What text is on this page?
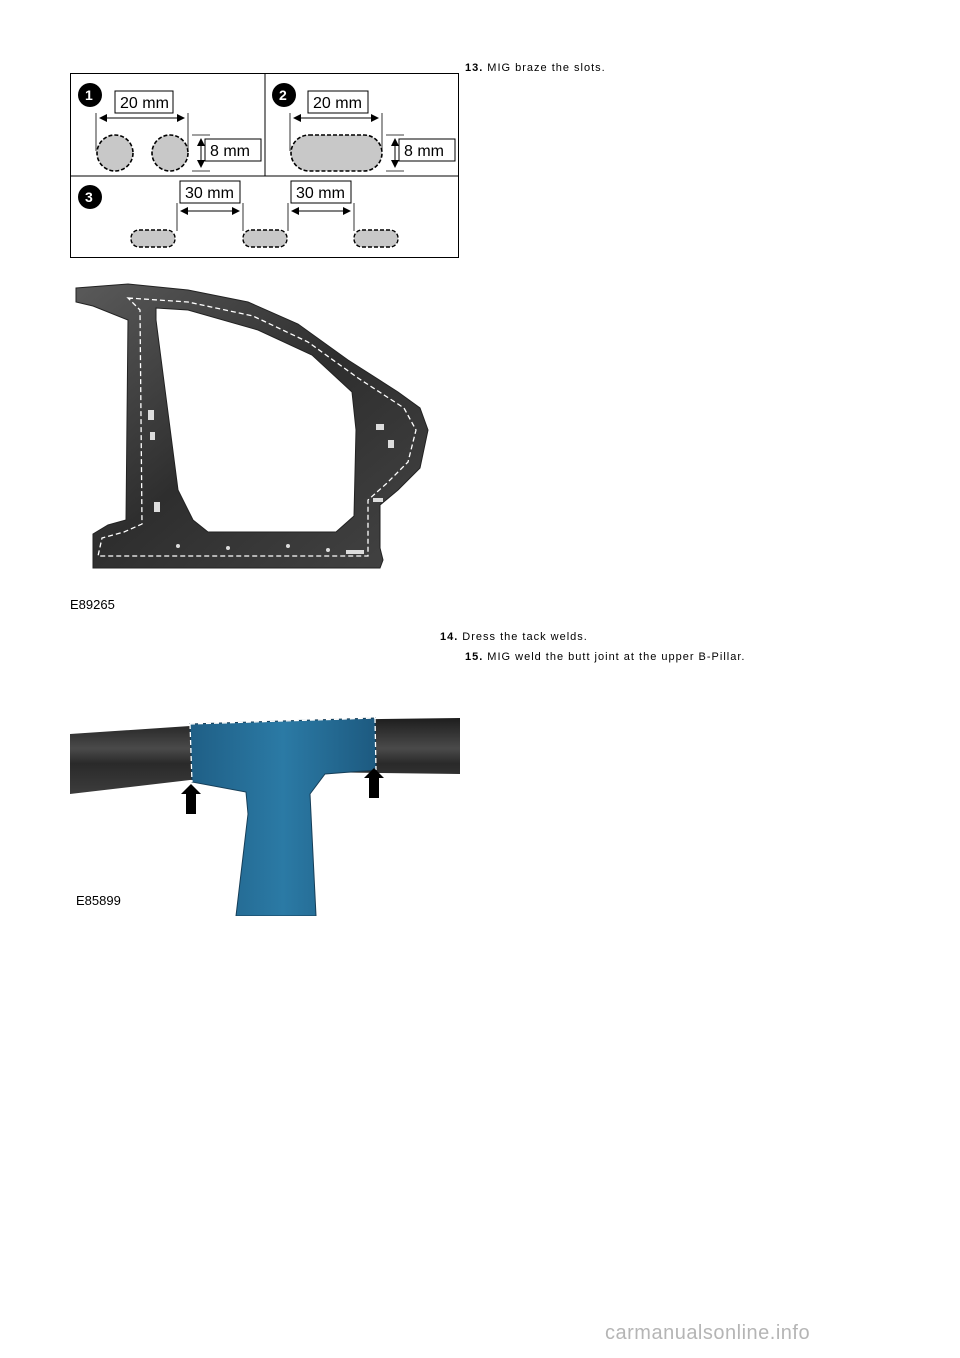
13. MIG braze the slots.
1 20 mm
8 mm
2 20 mm
8 mm
3	30 mm	30 mm
E89265
14. Dress the tack welds.
15. MIG weld the butt joint at the upper B-Pillar.
E85899
carmanualsonline.info
